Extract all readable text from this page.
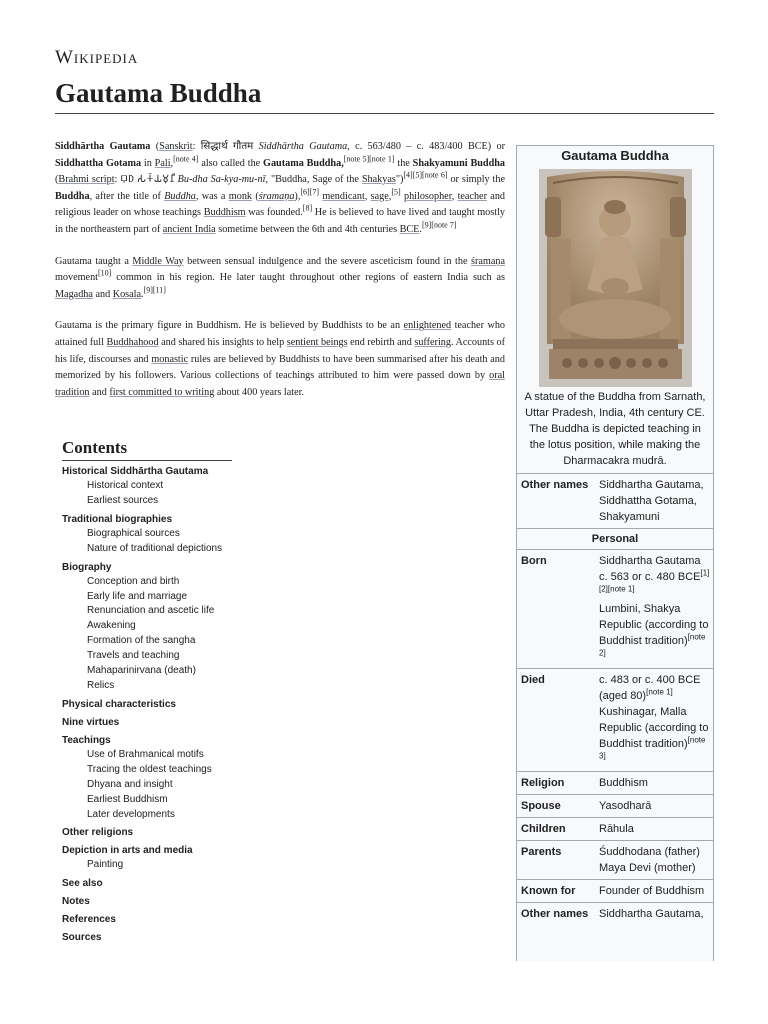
Wikipedia
Gautama Buddha

Siddhārtha Gautama (Sanskrit: सिद्धार्थ गौतम Siddhārtha Gautama, c. 563/480 – c. 483/400 BCE) or Siddhattha Gotama in Pali,[note 4] also called the Gautama Buddha,[note 5][note 1] the Shakyamuni Buddha (Brahmi script: 𑀩𑀼𑀥 𑀲𑀓𑁆𑀬𑀫𑀼𑀦𑀻 Bu-dha Sa-kya-mu-nī, "Buddha, Sage of the Shakyas")[4][5][note 6] or simply the Buddha, after the title of Buddha, was a monk (śramaṇa),[6][7] mendicant, sage,[5] philosopher, teacher and religious leader on whose teachings Buddhism was founded.[8] He is believed to have lived and taught mostly in the northeastern part of ancient India sometime between the 6th and 4th centuries BCE.[9][note 7]

Gautama taught a Middle Way between sensual indulgence and the severe asceticism found in the śramaṇa movement[10] common in his region. He later taught throughout other regions of eastern India such as Magadha and Kosala.[9][11]

Gautama is the primary figure in Buddhism. He is believed by Buddhists to be an enlightened teacher who attained full Buddhahood and shared his insights to help sentient beings end rebirth and suffering. Accounts of his life, discourses and monastic rules are believed by Buddhists to have been summarised after his death and memorized by his followers. Various collections of teachings attributed to him were passed down by oral tradition and first committed to writing about 400 years later.

Gautama Buddha
A statue of the Buddha from Sarnath, Uttar Pradesh, India, 4th century CE. The Buddha is depicted teaching in the lotus position, while making the Dharmacakra mudrā.
Other names Siddhartha Gautama,
Siddhattha Gotama,
Shakyamuni
Personal
Born	Siddhartha Gautama
c. 563 or c. 480 BCE[1][2][note 1]
Lumbini, Shakya Republic (according to Buddhist tradition)[note 2]
Died	c. 483 or c. 400 BCE (aged 80)[note 1]
Kushinagar, Malla Republic (according to Buddhist tradition)[note 3]
Religion	Buddhism
Spouse	Yasodharā
Children	Rāhula
Parents	Śuddhodana (father)
Maya Devi (mother)
Known for	Founder of Buddhism
Other names Siddhartha Gautama,
Contents
Historical Siddhārtha Gautama
Historical context
Earliest sources
Traditional biographies
Biographical sources
Nature of traditional depictions
Biography
Conception and birth
Early life and marriage
Renunciation and ascetic life
Awakening
Formation of the sangha
Travels and teaching
Mahaparinirvana (death)
Relics
Physical characteristics
Nine virtues
Teachings
Use of Brahmanical motifs
Tracing the oldest teachings
Dhyana and insight
Earliest Buddhism
Later developments
Other religions
Depiction in arts and media
Painting
See also
Notes
References
Sources
